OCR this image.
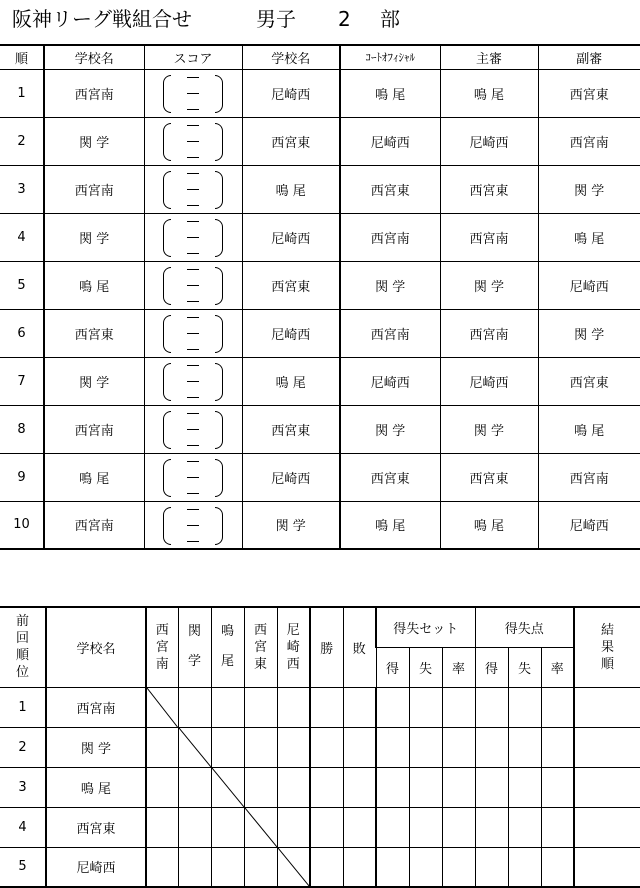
阪神リーグ戦組合せ	男子 2 部
順	学校名	スコア	学校名	ｺｰﾄｵﾌｨｼｬﾙ	主審	副審
1	西宮南		尼崎西	鳴 尾	鳴 尾	西宮東
2	関 学		西宮東	尼崎西	尼崎西	西宮南
3	西宮南		鳴 尾	西宮東	西宮東	関 学
4	関 学		尼崎西	西宮南	西宮南	鳴 尾
5	鳴 尾		西宮東	関 学	関 学	尼崎西
6	西宮東		尼崎西	西宮南	西宮南	関 学
7	関 学		鳴 尾	尼崎西	尼崎西	西宮東
8	西宮南		西宮東	関 学	関 学	鳴 尾
9	鳴 尾		尼崎西	西宮東	西宮東	西宮南
10	西宮南		関 学	鳴 尾	鳴 尾	尼崎西
前回順位	学校名	西宮南	関学	鳴尾	西宮東	尼崎西	勝	敗	得失セット			得失点			結果順
									得	失	率	得	失	率	
1	西宮南	

2	関 学		

3	鳴 尾			

4	西宮東				

5	尼崎西					
